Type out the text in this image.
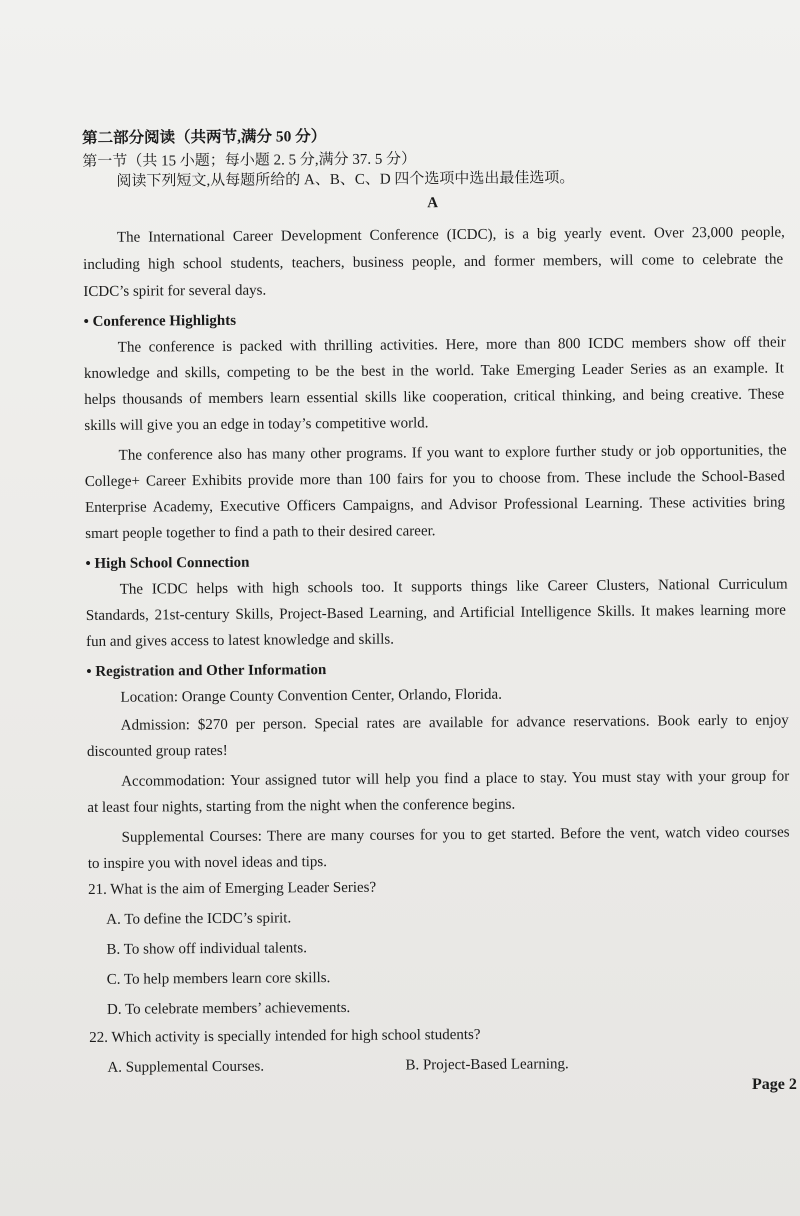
第二部分阅读（共两节,满分 50 分）
第一节（共 15 小题；每小题 2. 5 分,满分 37. 5 分）
阅读下列短文,从每题所给的 A、B、C、D 四个选项中选出最佳选项。
A
The International Career Development Conference (ICDC), is a big yearly event. Over 23,000 people,
including high school students, teachers, business people, and former members, will come to celebrate the
ICDC’s spirit for several days.
• Conference Highlights
The conference is packed with thrilling activities. Here, more than 800 ICDC members show off their
knowledge and skills, competing to be the best in the world. Take Emerging Leader Series as an example. It
helps thousands of members learn essential skills like cooperation, critical thinking, and being creative. These
skills will give you an edge in today’s competitive world.
The conference also has many other programs. If you want to explore further study or job opportunities, the
College+ Career Exhibits provide more than 100 fairs for you to choose from. These include the School-Based
Enterprise Academy, Executive Officers Campaigns, and Advisor Professional Learning. These activities bring
smart people together to find a path to their desired career.
• High School Connection
The ICDC helps with high schools too. It supports things like Career Clusters, National Curriculum
Standards, 21st-century Skills, Project-Based Learning, and Artificial Intelligence Skills. It makes learning more
fun and gives access to latest knowledge and skills.
• Registration and Other Information
Location: Orange County Convention Center, Orlando, Florida.
Admission: $270 per person. Special rates are available for advance reservations. Book early to enjoy
discounted group rates!
Accommodation: Your assigned tutor will help you find a place to stay. You must stay with your group for
at least four nights, starting from the night when the conference begins.
Supplemental Courses: There are many courses for you to get started. Before the vent, watch video courses
to inspire you with novel ideas and tips.
21. What is the aim of Emerging Leader Series?
A. To define the ICDC’s spirit.
B. To show off individual talents.
C. To help members learn core skills.
D. To celebrate members’ achievements.
22. Which activity is specially intended for high school students?
A. Supplemental Courses.	B. Project-Based Learning.
Page 2
